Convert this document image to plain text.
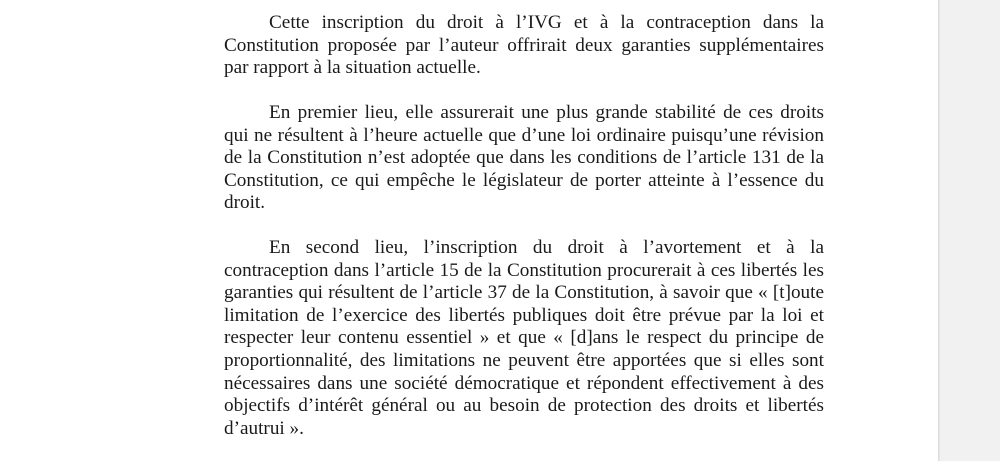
Cette inscription du droit à l’IVG et à la contraception dans la Constitution proposée par l’auteur offrirait deux garanties supplémentaires par rapport à la situation actuelle.

En premier lieu, elle assurerait une plus grande stabilité de ces droits qui ne résultent à l’heure actuelle que d’une loi ordinaire puisqu’une révision de la Constitution n’est adoptée que dans les conditions de l’article 131 de la Constitution, ce qui empêche le législateur de porter atteinte à l’essence du droit.

En second lieu, l’inscription du droit à l’avortement et à la contraception dans l’article 15 de la Constitution procurerait à ces libertés les garanties qui résultent de l’article 37 de la Constitution, à savoir que « [t]oute limitation de l’exercice des libertés publiques doit être prévue par la loi et respecter leur contenu essentiel » et que « [d]ans le respect du principe de proportionnalité, des limitations ne peuvent être apportées que si elles sont nécessaires dans une société démocratique et répondent effectivement à des objectifs d’intérêt général ou au besoin de protection des droits et libertés d’autrui ».
